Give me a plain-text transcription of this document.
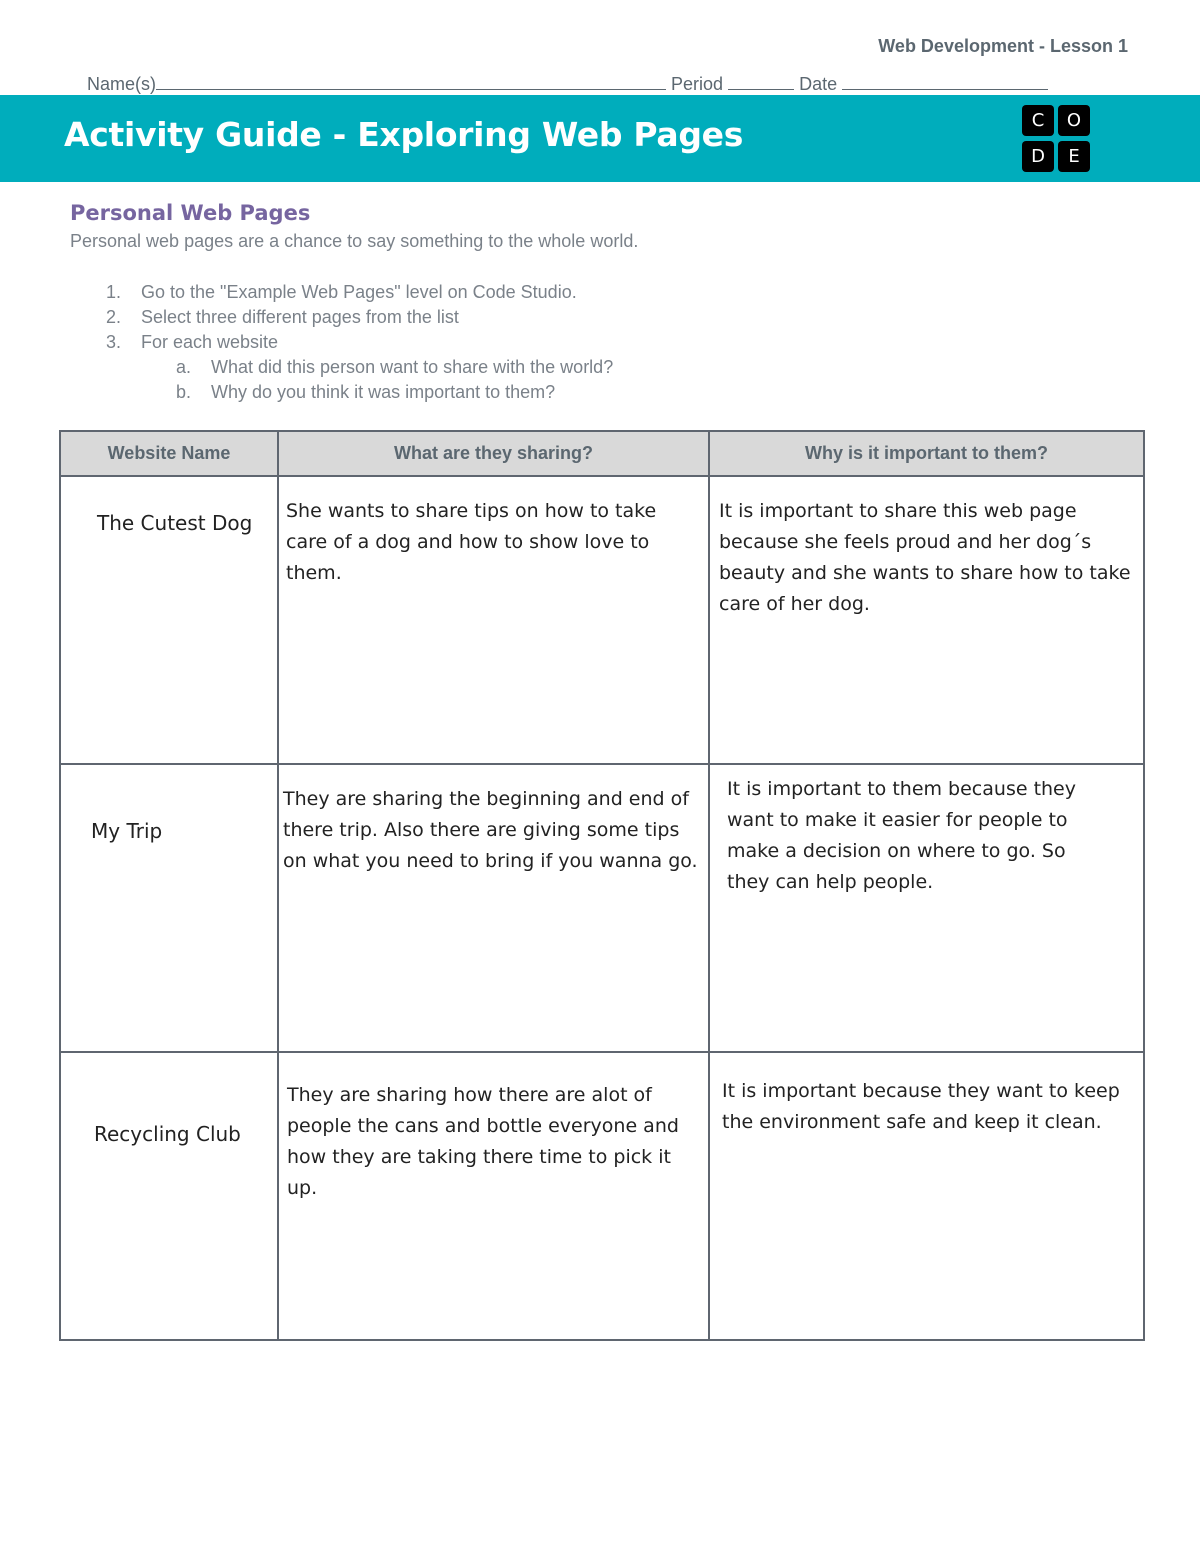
Web Development - Lesson 1
Name(s)	Period	Date
Activity Guide - Exploring Web Pages	C	O
D	E
Personal Web Pages
Personal web pages are a chance to say something to the whole world.
1. Go to the "Example Web Pages" level on Code Studio.
2. Select three different pages from the list
3. For each website
a. What did this person want to share with the world?
b. Why do you think it was important to them?
Website Name	What are they sharing?	Why is it important to them?

The Cutest Dog	She wants to share tips on how to take care of a dog and how to show love to them.	It is important to share this web page because she feels proud and her dog´s beauty and she wants to share how to take care of her dog.

My Trip	They are sharing the beginning and end of there trip. Also there are giving some tips on what you need to bring if you wanna go.	It is important to them because they want to make it easier for people to make a decision on where to go. So they can help people.

Recycling Club	They are sharing how there are alot of people the cans and bottle everyone and how they are taking there time to pick it up.	It is important because they want to keep the environment safe and keep it clean.
